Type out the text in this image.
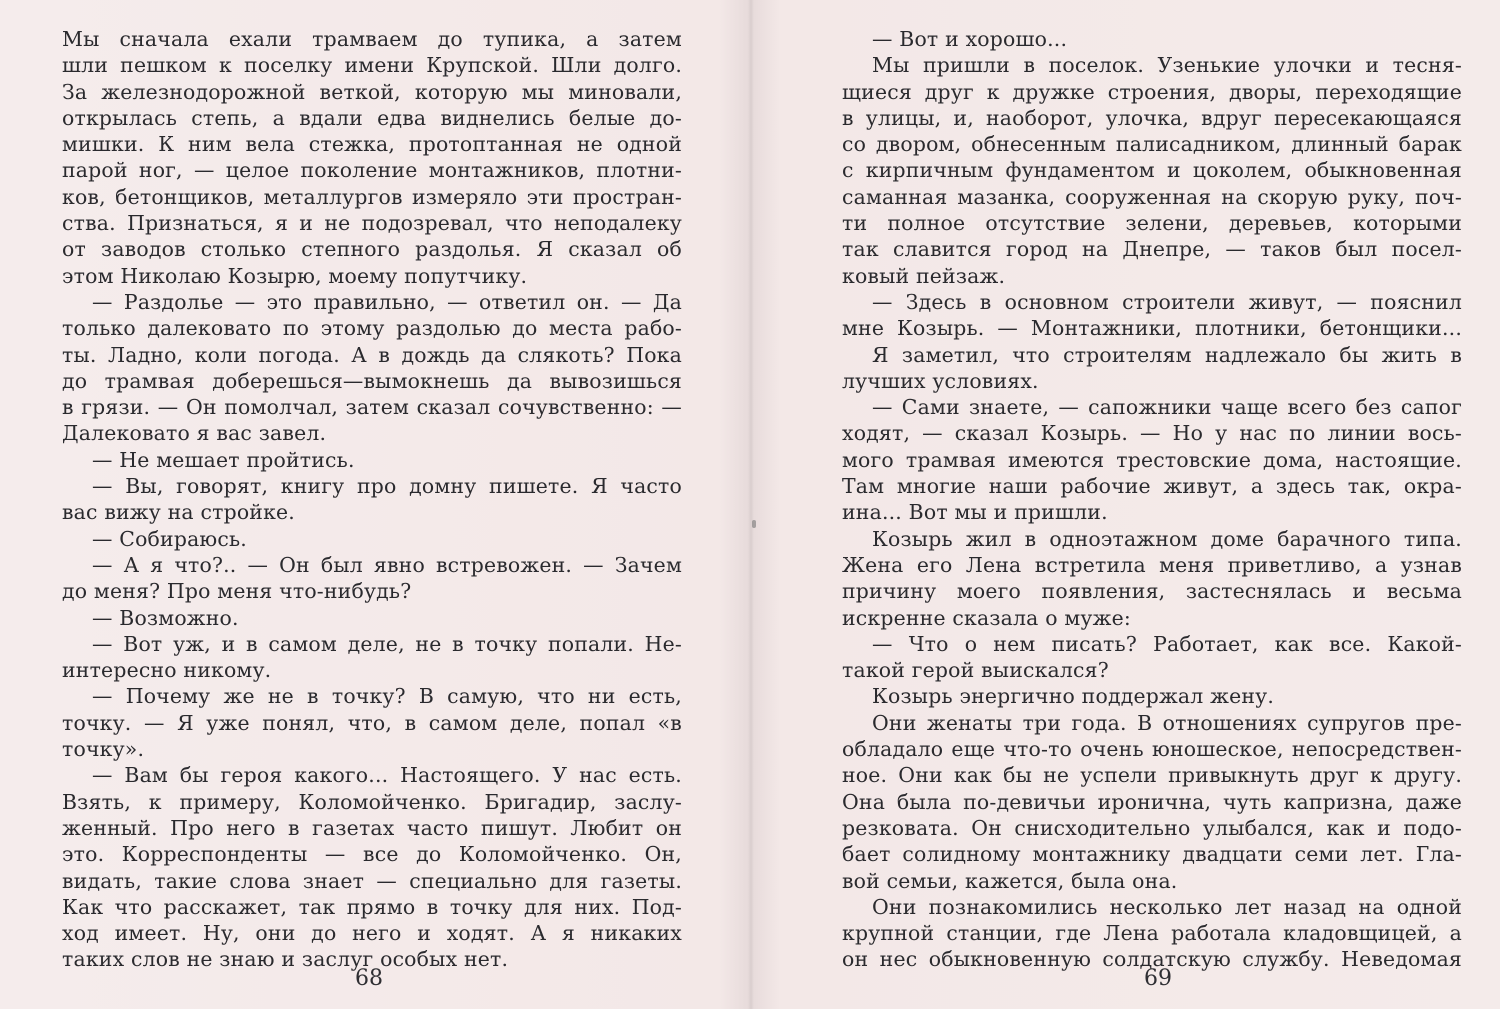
Мы сначала ехали трамваем до тупика, а затем
шли пешком к поселку имени Крупской. Шли долго.
За железнодорожной веткой, которую мы миновали,
открылась степь, а вдали едва виднелись белые до-
мишки. К ним вела стежка, протоптанная не одной
парой ног, — целое поколение монтажников, плотни-
ков, бетонщиков, металлургов измеряло эти простран-
ства. Признаться, я и не подозревал, что неподалеку
от заводов столько степного раздолья. Я сказал об
этом Николаю Козырю, моему попутчику.
— Раздолье — это правильно, — ответил он. — Да
только далековато по этому раздолью до места рабо-
ты. Ладно, коли погода. А в дождь да слякоть? Пока
до трамвая доберешься—вымокнешь да вывозишься
в грязи. — Он помолчал, затем сказал сочувственно: —
Далековато я вас завел.
— Не мешает пройтись.
— Вы, говорят, книгу про домну пишете. Я часто
вас вижу на стройке.
— Собираюсь.
— А я что?.. — Он был явно встревожен. — Зачем
до меня? Про меня что-нибудь?
— Возможно.
— Вот уж, и в самом деле, не в точку попали. Не-
интересно никому.
— Почему же не в точку? В самую, что ни есть,
точку. — Я уже понял, что, в самом деле, попал «в
точку».
— Вам бы героя какого... Настоящего. У нас есть.
Взять, к примеру, Коломойченко. Бригадир, заслу-
женный. Про него в газетах часто пишут. Любит он
это. Корреспонденты — все до Коломойченко. Он,
видать, такие слова знает — специально для газеты.
Как что расскажет, так прямо в точку для них. Под-
ход имеет. Ну, они до него и ходят. А я никаких
таких слов не знаю и заслуг особых нет.
— Вот и хорошо...
Мы пришли в поселок. Узенькие улочки и тесня-
щиеся друг к дружке строения, дворы, переходящие
в улицы, и, наоборот, улочка, вдруг пересекающаяся
со двором, обнесенным палисадником, длинный барак
с кирпичным фундаментом и цоколем, обыкновенная
саманная мазанка, сооруженная на скорую руку, поч-
ти полное отсутствие зелени, деревьев, которыми
так славится город на Днепре, — таков был посел-
ковый пейзаж.
— Здесь в основном строители живут, — пояснил
мне Козырь. — Монтажники, плотники, бетонщики...
Я заметил, что строителям надлежало бы жить в
лучших условиях.
— Сами знаете, — сапожники чаще всего без сапог
ходят, — сказал Козырь. — Но у нас по линии вось-
мого трамвая имеются трестовские дома, настоящие.
Там многие наши рабочие живут, а здесь так, окра-
ина... Вот мы и пришли.
Козырь жил в одноэтажном доме барачного типа.
Жена его Лена встретила меня приветливо, а узнав
причину моего появления, застеснялась и весьма
искренне сказала о муже:
— Что о нем писать? Работает, как все. Какой-
такой герой выискался?
Козырь энергично поддержал жену.
Они женаты три года. В отношениях супругов пре-
обладало еще что-то очень юношеское, непосредствен-
ное. Они как бы не успели привыкнуть друг к другу.
Она была по-девичьи иронична, чуть капризна, даже
резковата. Он снисходительно улыбался, как и подо-
бает солидному монтажнику двадцати семи лет. Гла-
вой семьи, кажется, была она.
Они познакомились несколько лет назад на одной
крупной станции, где Лена работала кладовщицей, а
он нес обыкновенную солдатскую службу. Неведомая
68	69
